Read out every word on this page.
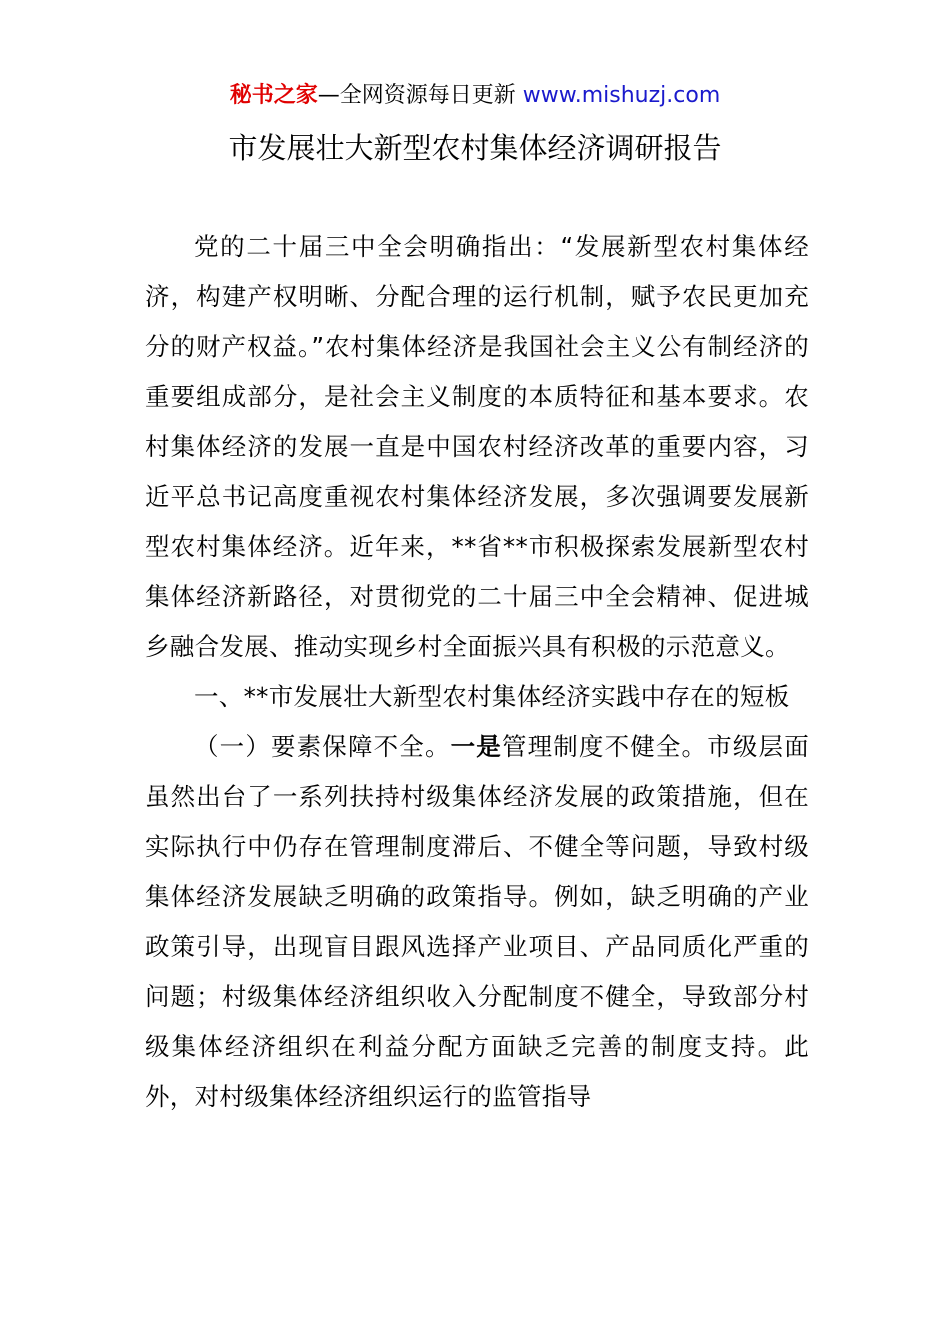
秘书之家—全网资源每日更新 www.mishuzj.com
市发展壮大新型农村集体经济调研报告

党的二十届三中全会明确指出：“发展新型农村集体经济，构建产权明晰、分配合理的运行机制，赋予农民更加充分的财产权益。”农村集体经济是我国社会主义公有制经济的重要组成部分，是社会主义制度的本质特征和基本要求。农村集体经济的发展一直是中国农村经济改革的重要内容，习近平总书记高度重视农村集体经济发展，多次强调要发展新型农村集体经济。近年来，**省**市积极探索发展新型农村集体经济新路径，对贯彻党的二十届三中全会精神、促进城乡融合发展、推动实现乡村全面振兴具有积极的示范意义。

一、**市发展壮大新型农村集体经济实践中存在的短板

（一）要素保障不全。一是管理制度不健全。市级层面虽然出台了一系列扶持村级集体经济发展的政策措施，但在实际执行中仍存在管理制度滞后、不健全等问题，导致村级集体经济发展缺乏明确的政策指导。例如，缺乏明确的产业政策引导，出现盲目跟风选择产业项目、产品同质化严重的问题；村级集体经济组织收入分配制度不健全，导致部分村级集体经济组织在利益分配方面缺乏完善的制度支持。此外，对村级集体经济组织运行的监管指导
